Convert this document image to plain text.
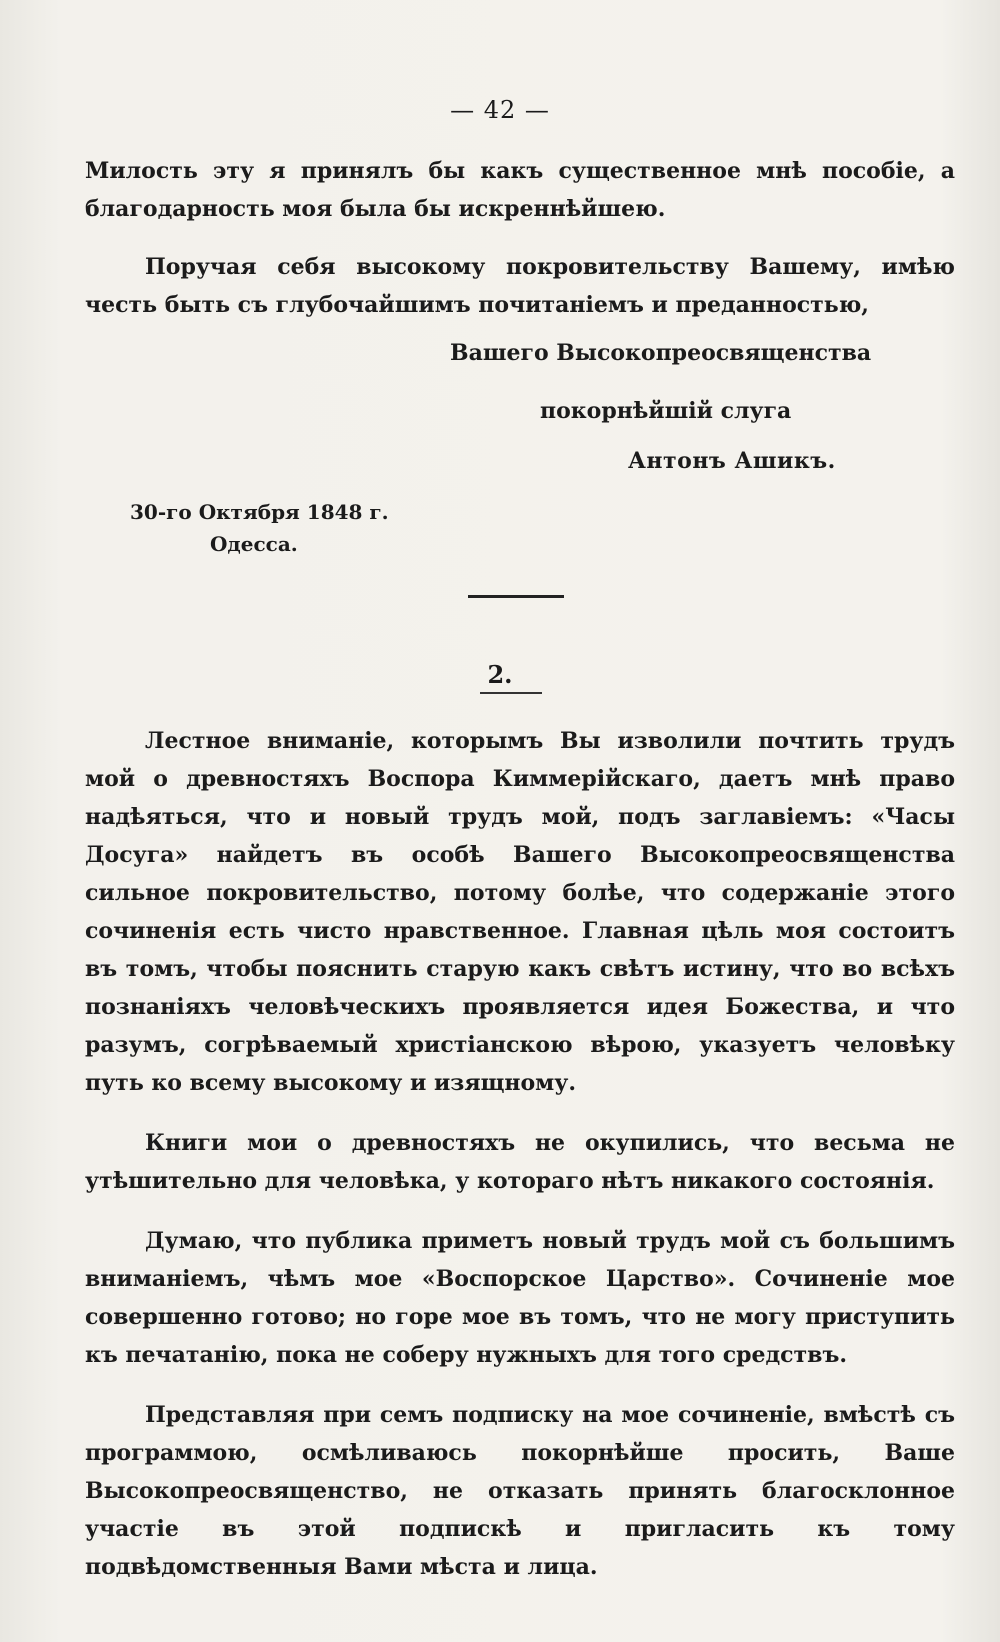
— 42 —

Милость эту я принялъ бы какъ существенное мнѣ пособіе, а благодарность моя была бы искреннѣйшею.

Поручая себя высокому покровительству Вашему, имѣю честь быть съ глубочайшимъ почитаніемъ и преданностью,

Вашего Высокопреосвященства
покорнѣйшій слуга
Антонъ Ашикъ.
30-го Октября 1848 г.
Одесса.
2.

Лестное вниманіе, которымъ Вы изволили почтить трудъ мой о древностяхъ Воспора Киммерійскаго, даетъ мнѣ право надѣяться, что и новый трудъ мой, подъ заглавіемъ: «Часы Досуга» найдетъ въ особѣ Вашего Высокопреосвященства сильное покровительство, потому болѣе, что содержаніе этого сочиненія есть чисто нравственное. Главная цѣль моя состоитъ въ томъ, чтобы пояснить старую какъ свѣтъ истину, что во всѣхъ познаніяхъ человѣческихъ проявляется идея Божества, и что разумъ, согрѣваемый христіанскою вѣрою, указуетъ человѣку путь ко всему высокому и изящному.

Книги мои о древностяхъ не окупились, что весьма не утѣшительно для человѣка, у котораго нѣтъ никакого состоянія.

Думаю, что публика приметъ новый трудъ мой съ большимъ вниманіемъ, чѣмъ мое «Воспорское Царство». Сочиненіе мое совершенно готово; но горе мое въ томъ, что не могу приступить къ печатанію, пока не соберу нужныхъ для того средствъ.

Представляя при семъ подписку на мое сочиненіе, вмѣстѣ съ программою, осмѣливаюсь покорнѣйше просить, Ваше Высокопреосвященство, не отказать принять благосклонное участіе въ этой подпискѣ и пригласить къ тому подвѣдомственныя Вами мѣста и лица.
